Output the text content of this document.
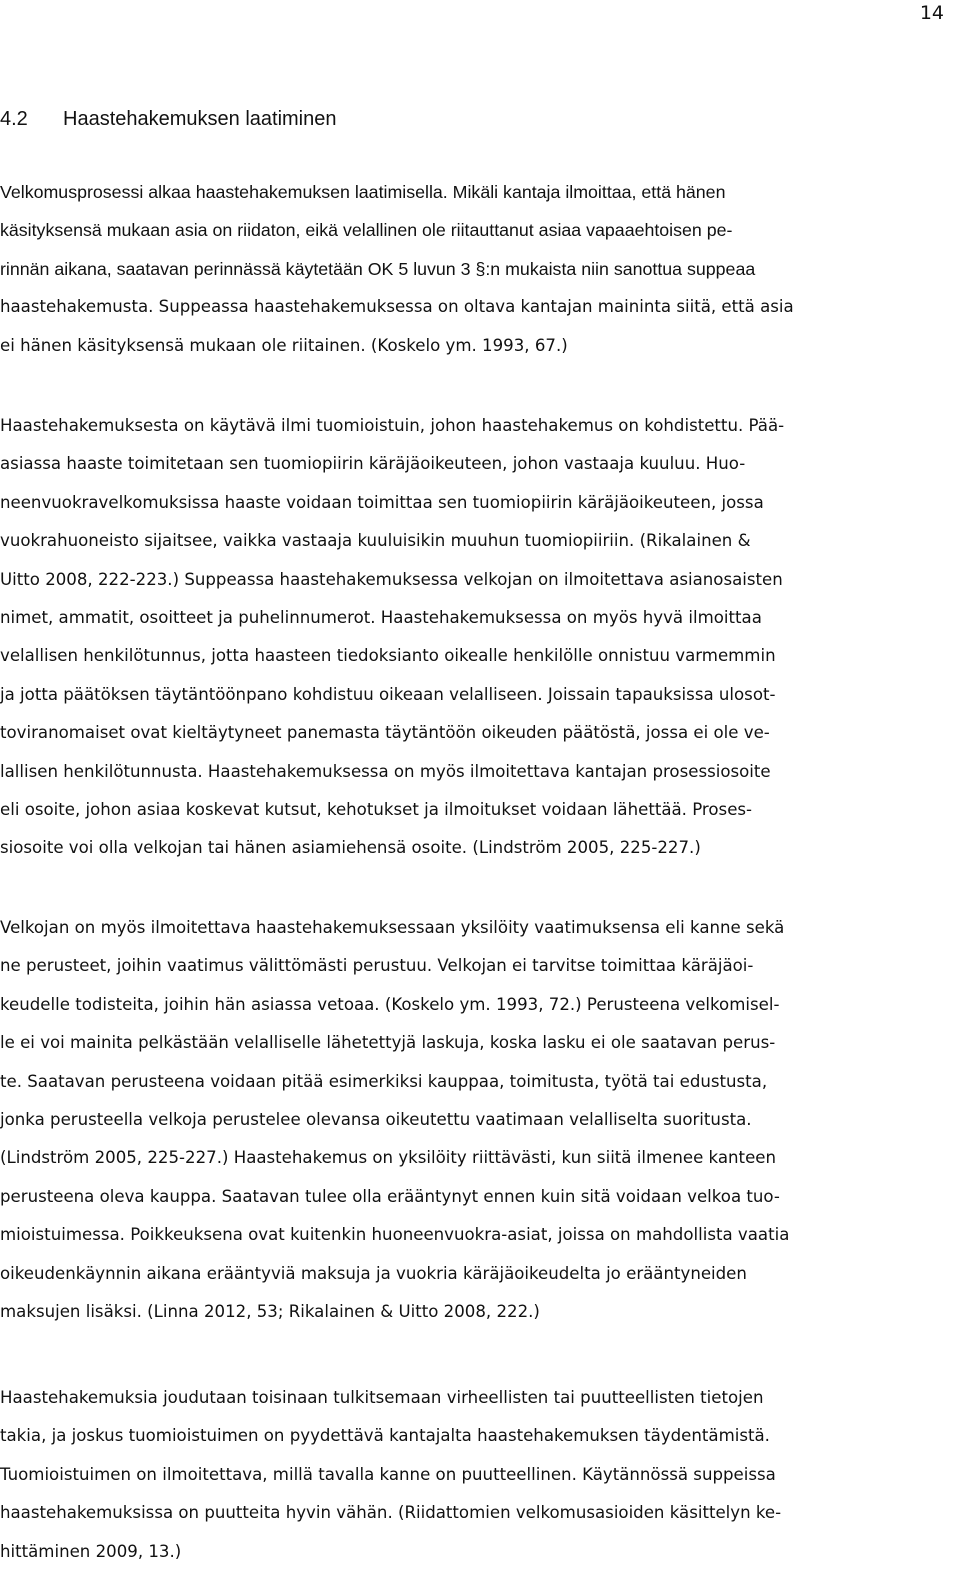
14
4.2 Haastehakemuksen laatiminen
Velkomusprosessi alkaa haastehakemuksen laatimisella. Mikäli kantaja ilmoittaa, että hänen
käsityksensä mukaan asia on riidaton, eikä velallinen ole riitauttanut asiaa vapaaehtoisen pe-
rinnän aikana, saatavan perinnässä käytetään OK 5 luvun 3 §:n mukaista niin sanottua suppeaa
haastehakemusta. Suppeassa haastehakemuksessa on oltava kantajan maininta siitä, että asia
ei hänen käsityksensä mukaan ole riitainen. (Koskelo ym. 1993, 67.)
Haastehakemuksesta on käytävä ilmi tuomioistuin, johon haastehakemus on kohdistettu. Pää-
asiassa haaste toimitetaan sen tuomiopiirin käräjäoikeuteen, johon vastaaja kuuluu. Huo-
neenvuokravelkomuksissa haaste voidaan toimittaa sen tuomiopiirin käräjäoikeuteen, jossa
vuokrahuoneisto sijaitsee, vaikka vastaaja kuuluisikin muuhun tuomiopiiriin. (Rikalainen &
Uitto 2008, 222-223.) Suppeassa haastehakemuksessa velkojan on ilmoitettava asianosaisten
nimet, ammatit, osoitteet ja puhelinnumerot. Haastehakemuksessa on myös hyvä ilmoittaa
velallisen henkilötunnus, jotta haasteen tiedoksianto oikealle henkilölle onnistuu varmemmin
ja jotta päätöksen täytäntöönpano kohdistuu oikeaan velalliseen. Joissain tapauksissa ulosot-
toviranomaiset ovat kieltäytyneet panemasta täytäntöön oikeuden päätöstä, jossa ei ole ve-
lallisen henkilötunnusta. Haastehakemuksessa on myös ilmoitettava kantajan prosessiosoite
eli osoite, johon asiaa koskevat kutsut, kehotukset ja ilmoitukset voidaan lähettää. Proses-
siosoite voi olla velkojan tai hänen asiamiehensä osoite. (Lindström 2005, 225-227.)
Velkojan on myös ilmoitettava haastehakemuksessaan yksilöity vaatimuksensa eli kanne sekä
ne perusteet, joihin vaatimus välittömästi perustuu. Velkojan ei tarvitse toimittaa käräjäoi-
keudelle todisteita, joihin hän asiassa vetoaa. (Koskelo ym. 1993, 72.) Perusteena velkomisel-
le ei voi mainita pelkästään velalliselle lähetettyjä laskuja, koska lasku ei ole saatavan perus-
te. Saatavan perusteena voidaan pitää esimerkiksi kauppaa, toimitusta, työtä tai edustusta,
jonka perusteella velkoja perustelee olevansa oikeutettu vaatimaan velalliselta suoritusta.
(Lindström 2005, 225-227.) Haastehakemus on yksilöity riittävästi, kun siitä ilmenee kanteen
perusteena oleva kauppa. Saatavan tulee olla erääntynyt ennen kuin sitä voidaan velkoa tuo-
mioistuimessa. Poikkeuksena ovat kuitenkin huoneenvuokra-asiat, joissa on mahdollista vaatia
oikeudenkäynnin aikana erääntyviä maksuja ja vuokria käräjäoikeudelta jo erääntyneiden
maksujen lisäksi. (Linna 2012, 53; Rikalainen & Uitto 2008, 222.)
Haastehakemuksia joudutaan toisinaan tulkitsemaan virheellisten tai puutteellisten tietojen
takia, ja joskus tuomioistuimen on pyydettävä kantajalta haastehakemuksen täydentämistä.
Tuomioistuimen on ilmoitettava, millä tavalla kanne on puutteellinen. Käytännössä suppeissa
haastehakemuksissa on puutteita hyvin vähän. (Riidattomien velkomusasioiden käsittelyn ke-
hittäminen 2009, 13.)
